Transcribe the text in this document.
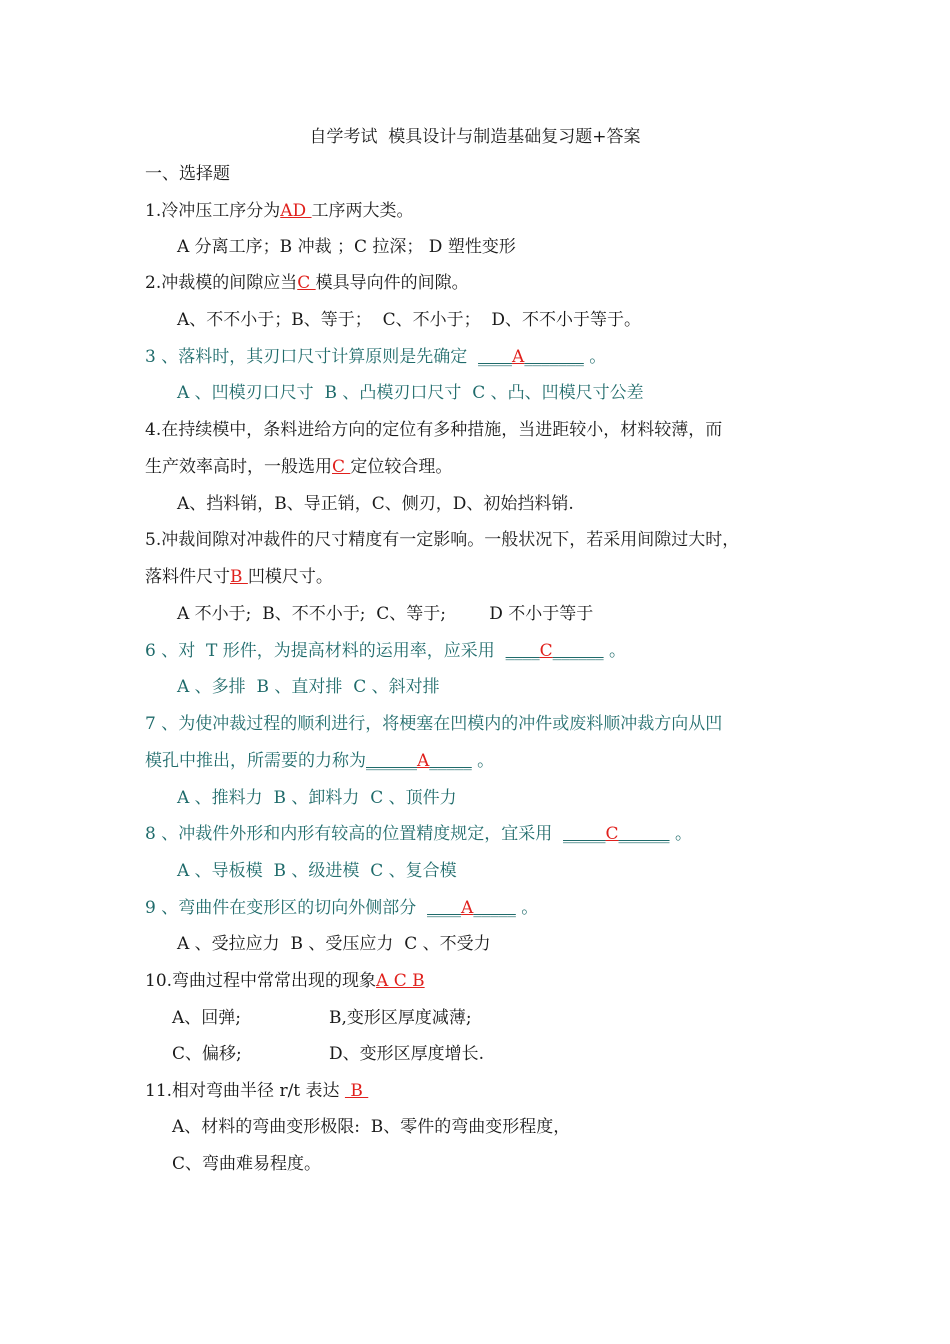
自学考试  模具设计与制造基础复习题+答案
一、选择题
1.冷冲压工序分为AD 工序两大类。
A 分离工序；B 冲裁 ；C 拉深； D 塑性变形
2.冲裁模的间隙应当C 模具导向件的间隙。
A、不不小于；B、等于；  C、不小于；  D、不不小于等于。
3 、落料时，其刃口尺寸计算原则是先确定  ____A_______ 。
A 、凹模刃口尺寸  B 、凸模刃口尺寸  C 、凸、凹模尺寸公差
4.在持续模中，条料进给方向的定位有多种措施，当进距较小，材料较薄，而
生产效率高时，一般选用C 定位较合理。
A、挡料销，B、导正销，C、侧刃，D、初始挡料销.
5.冲裁间隙对冲裁件的尺寸精度有一定影响。一般状况下，若采用间隙过大时，
落料件尺寸B 凹模尺寸。
A 不小于;  B、不不小于;  C、等于;        D 不小于等于
6 、对  T 形件，为提高材料的运用率，应采用  ____C______ 。
A 、多排  B 、直对排  C 、斜对排
7 、为使冲裁过程的顺利进行，将梗塞在凹模内的冲件或废料顺冲裁方向从凹
模孔中推出，所需要的力称为______A_____ 。
A 、推料力  B 、卸料力  C 、顶件力
8 、冲裁件外形和内形有较高的位置精度规定，宜采用  _____C______ 。
A 、导板模  B 、级进模  C 、复合模
9 、弯曲件在变形区的切向外侧部分  ____A_____ 。
A 、受拉应力  B 、受压应力  C 、不受力
10.弯曲过程中常常出现的现象A C B
A、回弹;	B,变形区厚度减薄;
C、偏移;	D、变形区厚度增长.
11.相对弯曲半径 r/t 表达  B
A、材料的弯曲变形极限:  B、零件的弯曲变形程度，
C、弯曲难易程度。
